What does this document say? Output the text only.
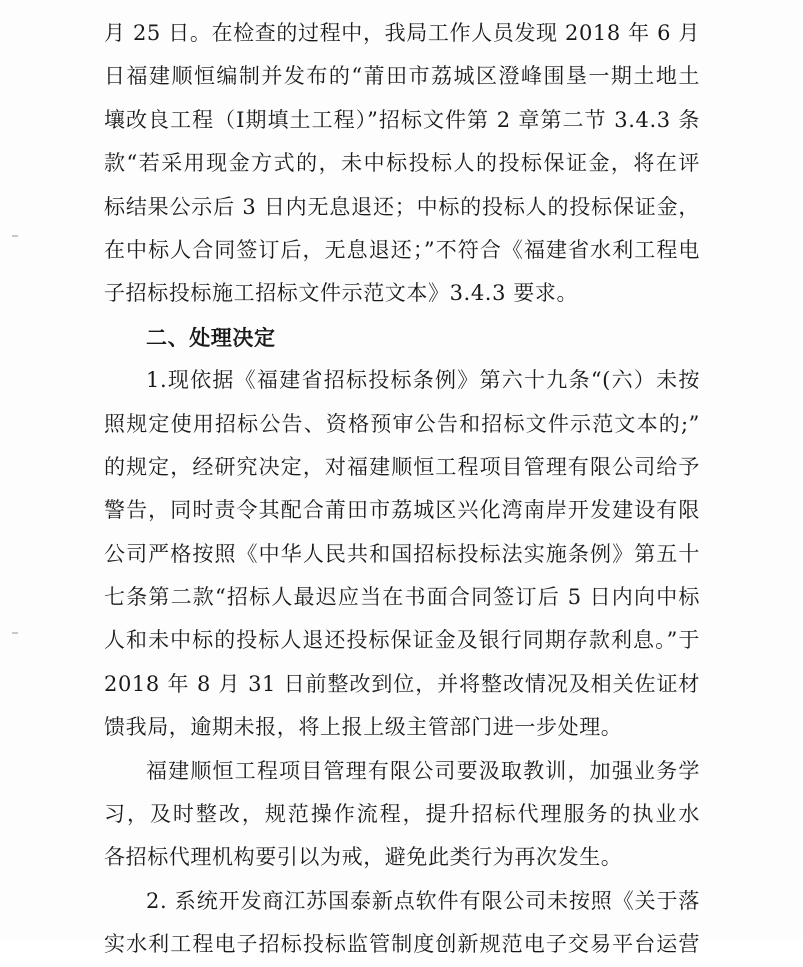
月 25 日。在检查的过程中，我局工作人员发现 2018 年 6 月
日福建顺恒编制并发布的“莆田市荔城区澄峰围垦一期土地土
壤改良工程（Ⅰ期填土工程）”招标文件第 2 章第二节 3.4.3 条
款“若采用现金方式的，未中标投标人的投标保证金，将在评
标结果公示后 3 日内无息退还；中标的投标人的投标保证金，
在中标人合同签订后，无息退还；”不符合《福建省水利工程电
子招标投标施工招标文件示范文本》3.4.3 要求。
二、处理决定
1.现依据《福建省招标投标条例》第六十九条“(六）未按
照规定使用招标公告、资格预审公告和招标文件示范文本的;”
的规定，经研究决定，对福建顺恒工程项目管理有限公司给予
警告，同时责令其配合莆田市荔城区兴化湾南岸开发建设有限
公司严格按照《中华人民共和国招标投标法实施条例》第五十
七条第二款“招标人最迟应当在书面合同签订后 5 日内向中标
人和未中标的投标人退还投标保证金及银行同期存款利息。”于
2018 年 8 月 31 日前整改到位，并将整改情况及相关佐证材
馈我局，逾期未报，将上报上级主管部门进一步处理。
福建顺恒工程项目管理有限公司要汲取教训，加强业务学
习，及时整改，规范操作流程，提升招标代理服务的执业水
各招标代理机构要引以为戒，避免此类行为再次发生。
2. 系统开发商江苏国泰新点软件有限公司未按照《关于落
实水利工程电子招标投标监管制度创新规范电子交易平台运营
